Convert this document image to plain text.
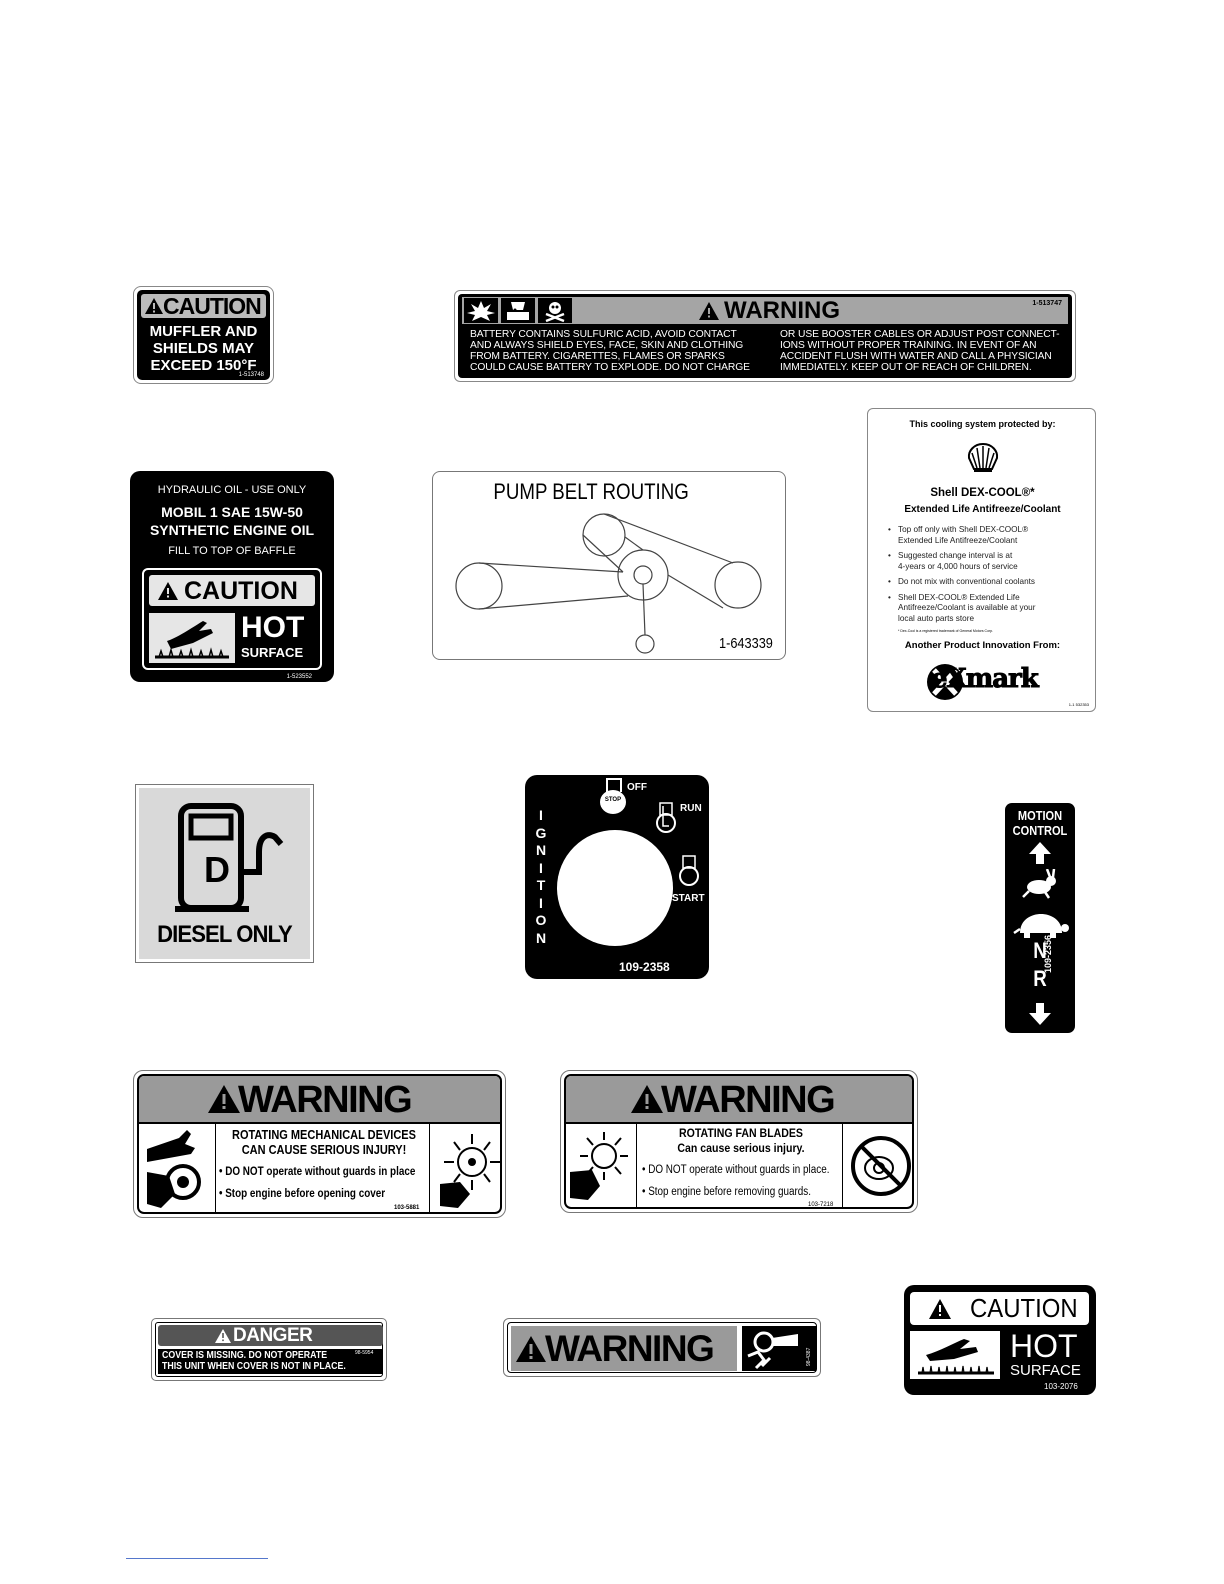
CAUTION
MUFFLER AND
SHIELDS MAY
EXCEED 150°F
1-513748
WARNING	1-513747
BATTERY CONTAINS SULFURIC ACID, AVOID CONTACT
AND ALWAYS SHIELD EYES, FACE, SKIN AND CLOTHING
FROM BATTERY. CIGARETTES, FLAMES OR SPARKS
COULD CAUSE BATTERY TO EXPLODE. DO NOT CHARGE
OR USE BOOSTER CABLES OR ADJUST POST CONNECT-
IONS WITHOUT PROPER TRAINING. IN EVENT OF AN
ACCIDENT FLUSH WITH WATER AND CALL A PHYSICIAN
IMMEDIATELY. KEEP OUT OF REACH OF CHILDREN.
HYDRAULIC OIL - USE ONLY
MOBIL 1 SAE 15W-50
SYNTHETIC ENGINE OIL
FILL TO TOP OF BAFFLE
CAUTION
HOT
SURFACE
1-523552
PUMP BELT ROUTING
1-643339
This cooling system protected by:
Shell DEX-COOL®*
Extended Life Antifreeze/Coolant
• Top off only with Shell DEX-COOL®
Extended Life Antifreeze/Coolant
• Suggested change interval is at
4-years or 4,000 hours of service
• Do not mix with conventional coolants
• Shell DEX-COOL® Extended Life
Antifreeze/Coolant is available at your
local auto parts store
* Dex-Cool is a registered trademark of General Motors Corp.
Another Product Innovation From:
eXmark
1-1 532353
D
DIESEL ONLY
I
G
N
I
T
I
O
N
STOP
OFF
RUN
START
109-2358
MOTION
CONTROL
N
R
109-2356
WARNING
ROTATING MECHANICAL DEVICES
CAN CAUSE SERIOUS INJURY!
• DO NOT operate without guards in place
• Stop engine before opening cover
103-5881
WARNING
ROTATING FAN BLADES
Can cause serious injury.
• DO NOT operate without guards in place.
• Stop engine before removing guards.
103-7218
DANGER
COVER IS MISSING. DO NOT OPERATE
THIS UNIT WHEN COVER IS NOT IN PLACE.
98-5954	WARNING	98-4387
CAUTION
HOT
SURFACE
103-2076
